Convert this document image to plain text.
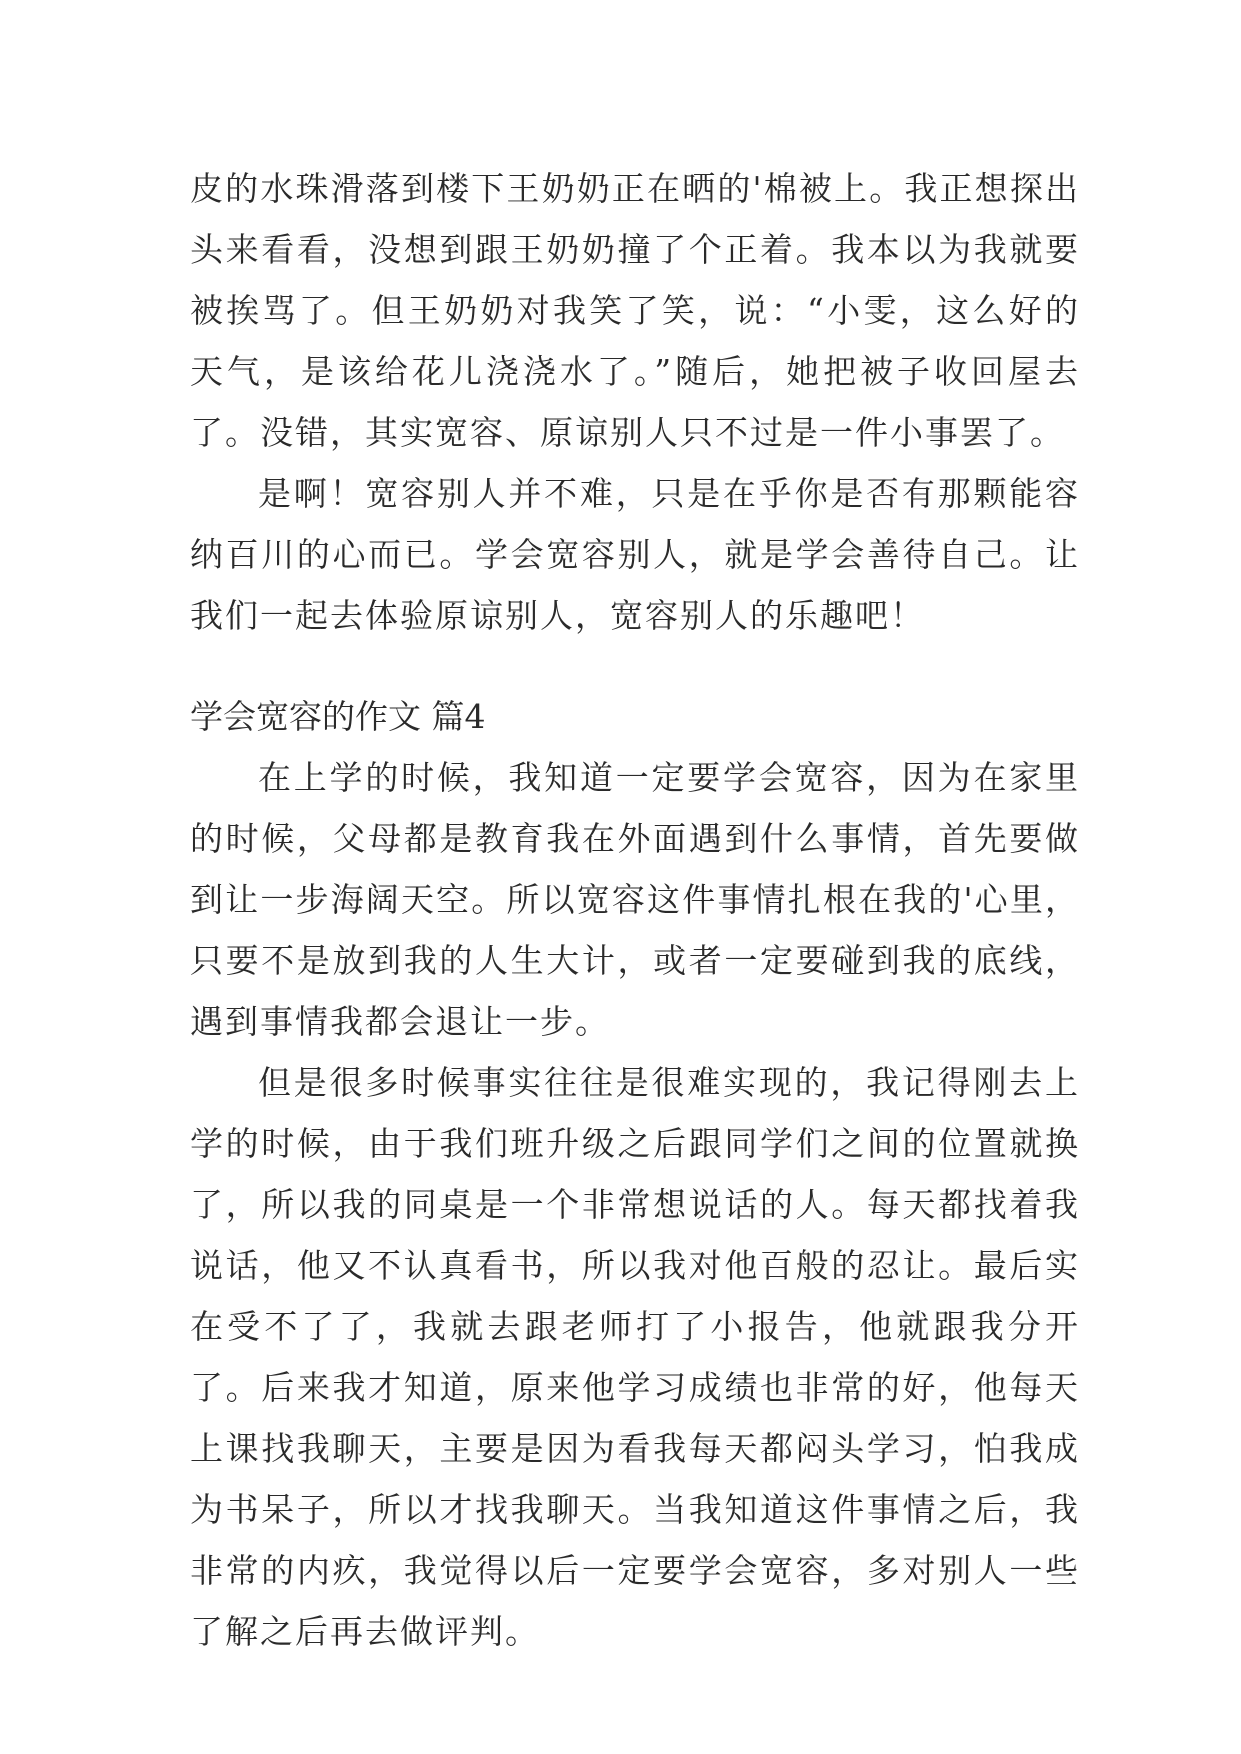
皮的水珠滑落到楼下王奶奶正在晒的'棉被上。我正想探出头来看看，没想到跟王奶奶撞了个正着。我本以为我就要被挨骂了。但王奶奶对我笑了笑，说：“小雯，这么好的天气，是该给花儿浇浇水了。”随后，她把被子收回屋去了。没错，其实宽容、原谅别人只不过是一件小事罢了。

是啊！宽容别人并不难，只是在乎你是否有那颗能容纳百川的心而已。学会宽容别人，就是学会善待自己。让我们一起去体验原谅别人，宽容别人的乐趣吧！

学会宽容的作文 篇4

在上学的时候，我知道一定要学会宽容，因为在家里的时候，父母都是教育我在外面遇到什么事情，首先要做到让一步海阔天空。所以宽容这件事情扎根在我的'心里，只要不是放到我的人生大计，或者一定要碰到我的底线，遇到事情我都会退让一步。

但是很多时候事实往往是很难实现的，我记得刚去上学的时候，由于我们班升级之后跟同学们之间的位置就换了，所以我的同桌是一个非常想说话的人。每天都找着我说话，他又不认真看书，所以我对他百般的忍让。最后实在受不了了，我就去跟老师打了小报告，他就跟我分开了。后来我才知道，原来他学习成绩也非常的好，他每天上课找我聊天，主要是因为看我每天都闷头学习，怕我成为书呆子，所以才找我聊天。当我知道这件事情之后，我非常的内疚，我觉得以后一定要学会宽容，多对别人一些了解之后再去做评判。
